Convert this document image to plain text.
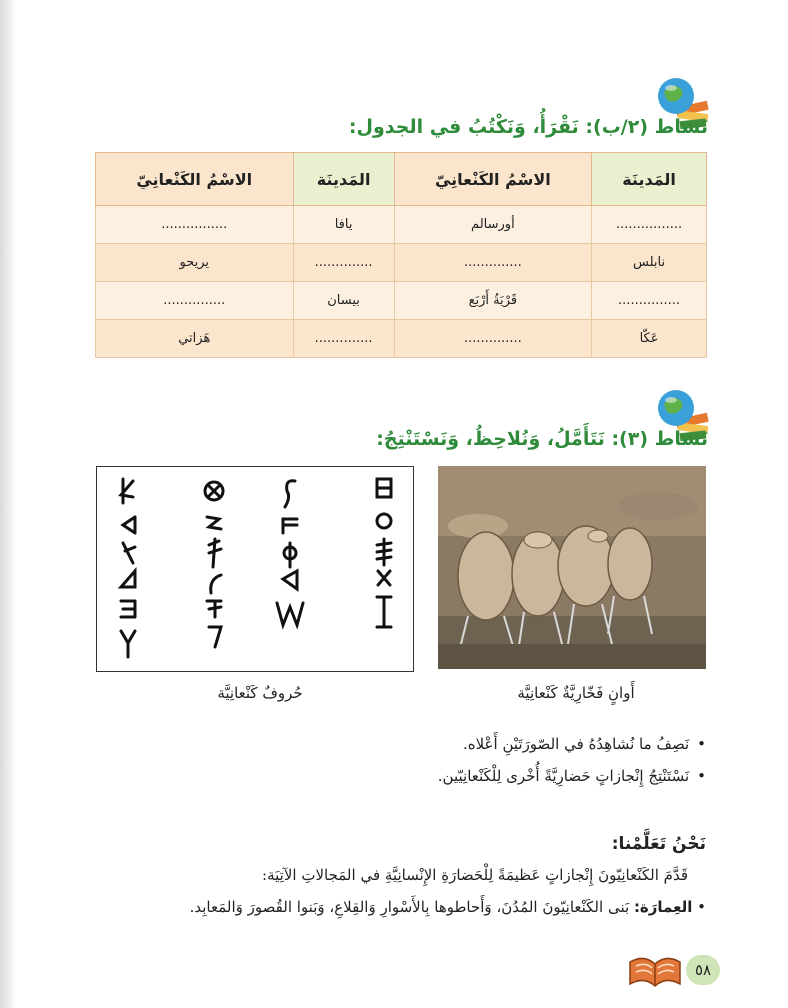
نَشاط (٢/ب): نَقْرَأُ، وَنَكْتُبُ في الجدول:
المَدينَة	الاسْمُ الكَنْعانِيّ	المَدينَة	الاسْمُ الكَنْعانِيّ
................	أورسالم	يافا	................
نابلس	..............	..............	يريحو
...............	قَرْيَةُ أَرْبَع	بيسان	...............
عَكّا	..............	..............	هَزاتي
نَشاط (٣): نَتَأَمَّلُ، وَنُلاحِظُ، وَنَسْتَنْتِجُ:
حُروفٌ كَنْعانِيَّة	أَوانٍ فَخّارِيَّةٌ كَنْعانِيَّة
•نَصِفُ ما نُشاهِدُهُ في الصّورَتَيْنِ أَعْلاه.
•نَسْتَنْتِجُ إِنْجازاتٍ حَضارِيَّةً أُخْرى لِلْكَنْعانِيّين.
نَحْنُ تَعَلَّمْنا:
قَدَّمَ الكَنْعانِيّونَ إِنْجازاتٍ عَظيمَةً لِلْحَضارَةِ الإِنْسانِيَّةِ في المَجالاتِ الآتِيَة:
• العِمارَة: بَنى الكَنْعانِيّونَ المُدُنَ، وَأَحاطوها بِالأَسْوارِ وَالقِلاعِ، وَبَنوا القُصورَ وَالمَعابِد.
٥٨
